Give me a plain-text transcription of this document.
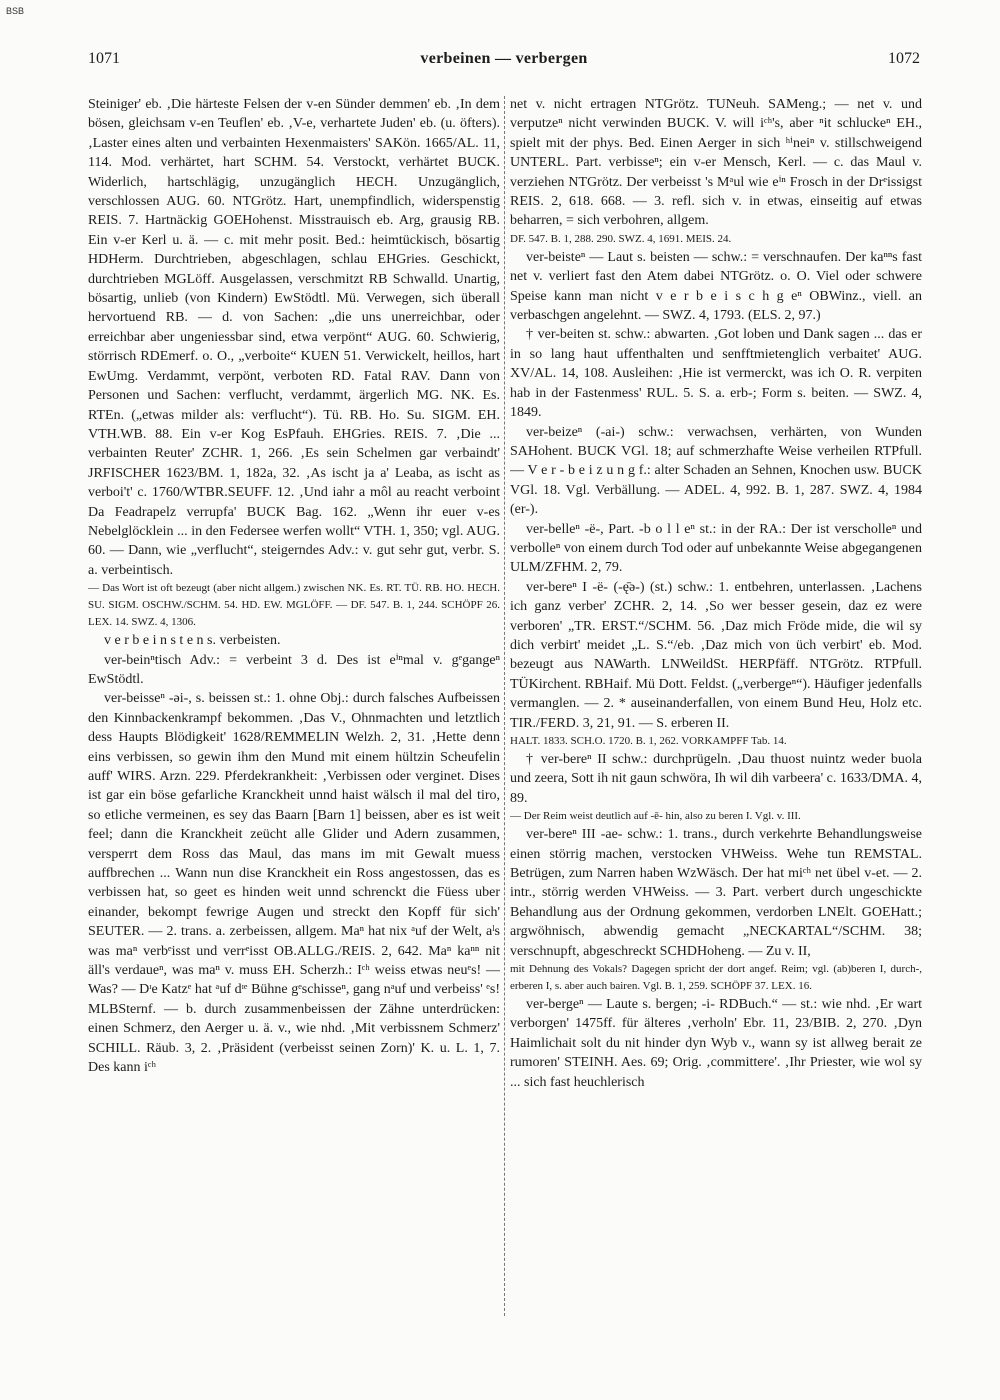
BSB
1071	verbeinen — verbergen	1072

Steiniger' eb. ‚Die härteste Felsen der v-en Sünder demmen' eb. ‚In dem bösen, gleichsam v-en Teuflen' eb. ‚V-e, verhartete Juden' eb. (u. öfters). ‚Laster eines alten und verbainten Hexenmaisters' SAKön. 1665/AL. 11, 114. Mod. verhärtet, hart SCHM. 54. Verstockt, verhärtet BUCK. Widerlich, hartschlägig, unzugänglich HECH. Unzugänglich, verschlossen AUG. 60. NTGrötz. Hart, unempfindlich, widerspenstig REIS. 7. Hartnäckig GOEHohenst. Misstrauisch eb. Arg, grausig RB. Ein v-er Kerl u. ä. — c. mit mehr posit. Bed.: heimtückisch, bösartig HDHerm. Durchtrieben, abgeschlagen, schlau EHGries. Geschickt, durchtrieben MGLöff. Ausgelassen, verschmitzt RB Schwalld. Unartig, bösartig, unlieb (von Kindern) EwStödtl. Mü. Verwegen, sich überall hervortuend RB. — d. von Sachen: „die uns unerreichbar, oder erreichbar aber ungeniessbar sind, etwa verpönt“ AUG. 60. Schwierig, störrisch RDEmerf. o. O., „verboite“ KUEN 51. Verwickelt, heillos, hart EwUmg. Verdammt, verpönt, verboten RD. Fatal RAV. Dann von Personen und Sachen: verflucht, verdammt, ärgerlich MG. NK. Es. RTEn. („etwas milder als: verflucht“). Tü. RB. Ho. Su. SIGM. EH. VTH.WB. 88. Ein v-er Kog EsPfauh. EHGries. REIS. 7. ‚Die ... verbainten Reuter' ZCHR. 1, 266. ‚Es sein Schelmen gar verbaindt' JRFISCHER 1623/BM. 1, 182a, 32. ‚As ischt ja a' Leaba, as ischt as verboi't' c. 1760/WTBR.SEUFF. 12. ‚Und iahr a môl au reacht verboint Da Feadrapelz verrupfa' BUCK Bag. 162. „Wenn ihr euer v-es Nebelglöcklein ... in den Federsee werfen wollt“ VTH. 1, 350; vgl. AUG. 60. — Dann, wie „verflucht“, steigerndes Adv.: v. gut sehr gut, verbr. S. a. verbeintisch.

— Das Wort ist oft bezeugt (aber nicht allgem.) zwischen NK. Es. RT. TÜ. RB. HO. HECH. SU. SIGM. OSCHW./SCHM. 54. HD. EW. MGLÖFF. — DF. 547. B. 1, 244. SCHÖPF 26. LEX. 14. SWZ. 4, 1306.

v e r b e i n s t e n s. verbeisten.

ver-beinⁿtisch Adv.: = verbeint 3 d. Des ist eⁱⁿmal v. gᵉgangeⁿ EwStödtl.

ver-beisseⁿ -əi-, s. beissen st.: 1. ohne Obj.: durch falsches Aufbeissen den Kinnbackenkrampf bekommen. ‚Das V., Ohnmachten und letztlich dess Haupts Blödigkeit' 1628/REMMELIN Welzh. 2, 31. ‚Hette denn eins verbissen, so gewin ihm den Mund mit einem hültzin Scheufelin auff' WIRS. Arzn. 229. Pferdekrankheit: ‚Verbissen oder verginet. Dises ist gar ein böse gefarliche Kranckheit unnd haist wälsch il mal del tiro, so etliche vermeinen, es sey das Baarn [Barn 1] beissen, aber es ist weit feel; dann die Kranckheit zeücht alle Glider und Adern zusammen, versperrt dem Ross das Maul, das mans im mit Gewalt muess auffbrechen ... Wann nun dise Kranckheit ein Ross angestossen, das es verbissen hat, so geet es hinden weit unnd schrenckt die Füess uber einander, bekompt fewrige Augen und streckt den Kopff für sich' SEUTER. — 2. trans. a. zerbeissen, allgem. Maⁿ hat nix ᵃuf der Welt, aˡs was maⁿ verbᵉisst und verrᵉisst OB.ALLG./REIS. 2, 642. Maⁿ kaⁿⁿ nit äll's verdaueⁿ, was maⁿ v. muss EH. Scherzh.: Iᶜʰ weiss etwas neuᵉs! — Was? — Dᶦe Katzᵉ hat ᵃuf dᶦᵉ Bühne gᵉschisseⁿ, gang nᵃuf und verbeiss' ᵉs! MLBSternf. — b. durch zusammenbeissen der Zähne unterdrücken: einen Schmerz, den Aerger u. ä. v., wie nhd. ‚Mit verbissnem Schmerz' SCHILL. Räub. 3, 2. ‚Präsident (verbeisst seinen Zorn)' K. u. L. 1, 7. Des kann iᶜʰ

net v. nicht ertragen NTGrötz. TUNeuh. SAMeng.; — net v. und verputzeⁿ nicht verwinden BUCK. V. will iᶜʰ's, aber ⁿit schluckeⁿ EH., spielt mit der phys. Bed. Einen Aerger in sich ʰⁱneiⁿ v. stillschweigend UNTERL. Part. verbisseⁿ; ein v-er Mensch, Kerl. — c. das Maul v. verziehen NTGrötz. Der verbeisst 's Mᵃul wie eⁱⁿ Frosch in der Drᵉissigst REIS. 2, 618. 668. — 3. refl. sich v. in etwas, einseitig auf etwas beharren, = sich verbohren, allgem.

DF. 547. B. 1, 288. 290. SWZ. 4, 1691. MEIS. 24.

ver-beisteⁿ — Laut s. beisten — schw.: = verschnaufen. Der kaⁿⁿs fast net v. verliert fast den Atem dabei NTGrötz. o. O. Viel oder schwere Speise kann man nicht v e r b e i s c h g eⁿ OBWinz., viell. an verbaschgen angelehnt. — SWZ. 4, 1793. (ELS. 2, 97.)

† ver-beiten st. schw.: abwarten. ‚Got loben und Dank sagen ... das er in so lang haut uffenthalten und senfftmietenglich verbaitet' AUG. XV/AL. 14, 108. Ausleihen: ‚Hie ist vermerckt, was ich O. R. verpiten hab in der Fastenmess' RUL. 5. S. a. erb-; Form s. beiten. — SWZ. 4, 1849.

ver-beizeⁿ (-ai-) schw.: verwachsen, verhärten, von Wunden SAHohent. BUCK VGl. 18; auf schmerzhafte Weise verheilen RTPfull. — V e r - b e i z u n g f.: alter Schaden an Sehnen, Knochen usw. BUCK VGl. 18. Vgl. Verbällung. — ADEL. 4, 992. B. 1, 287. SWZ. 4, 1984 (er-).

ver-belleⁿ -ë-, Part. -b o l l eⁿ st.: in der RA.: Der ist verscholleⁿ und verbolleⁿ von einem durch Tod oder auf unbekannte Weise abgegangenen ULM/ZFHM. 2, 79.

ver-bereⁿ I -ë- (-ę̄ə-) (st.) schw.: 1. entbehren, unterlassen. ‚Lachens ich ganz verber' ZCHR. 2, 14. ‚So wer besser gesein, daz ez were verboren' „TR. ERST.“/SCHM. 56. ‚Daz mich Fröde mide, die wil sy dich verbirt' meidet „L. S.“/eb. ‚Daz mich von üch verbirt' eb. Mod. bezeugt aus NAWarth. LNWeildSt. HERPfäff. NTGrötz. RTPfull. TÜKirchent. RBHaif. Mü Dott. Feldst. („verbergeⁿ“). Häufiger jedenfalls vermanglen. — 2. * auseinanderfallen, von einem Bund Heu, Holz etc. TIR./FERD. 3, 21, 91. — S. erberen II.

HALT. 1833. SCH.O. 1720. B. 1, 262. VORKAMPFF Tab. 14.

† ver-bereⁿ II schw.: durchprügeln. ‚Dau thuost nuintz weder buola und zeera, Sott ih nit gaun schwöra, Ih wil dih varbeera' c. 1633/DMA. 4, 89.

— Der Reim weist deutlich auf -ē- hin, also zu beren I. Vgl. v. III.

ver-bereⁿ III -ae- schw.: 1. trans., durch verkehrte Behandlungsweise einen störrig machen, verstocken VHWeiss. Wehe tun REMSTAL. Betrügen, zum Narren haben WzWäsch. Der hat miᶜʰ net übel v-et. — 2. intr., störrig werden VHWeiss. — 3. Part. verbert durch ungeschickte Behandlung aus der Ordnung gekommen, verdorben LNElt. GOEHatt.; argwöhnisch, abwendig gemacht „NECKARTAL“/SCHM. 38; verschnupft, abgeschreckt SCHDHoheng. — Zu v. II,

mit Dehnung des Vokals? Dagegen spricht der dort angef. Reim; vgl. (ab)beren I, durch-, erberen I, s. aber auch bairen. Vgl. B. 1, 259. SCHÖPF 37. LEX. 16.

ver-bergeⁿ — Laute s. bergen; -i- RDBuch.“ — st.: wie nhd. ‚Er wart verborgen' 1475ff. für älteres ‚verholn' Ebr. 11, 23/BIB. 2, 270. ‚Dyn Haimlichait solt du nit hinder dyn Wyb v., wann sy ist allweg berait ze rumoren' STEINH. Aes. 69; Orig. ‚committere'. ‚Ihr Priester, wie wol sy ... sich fast heuchlerisch
